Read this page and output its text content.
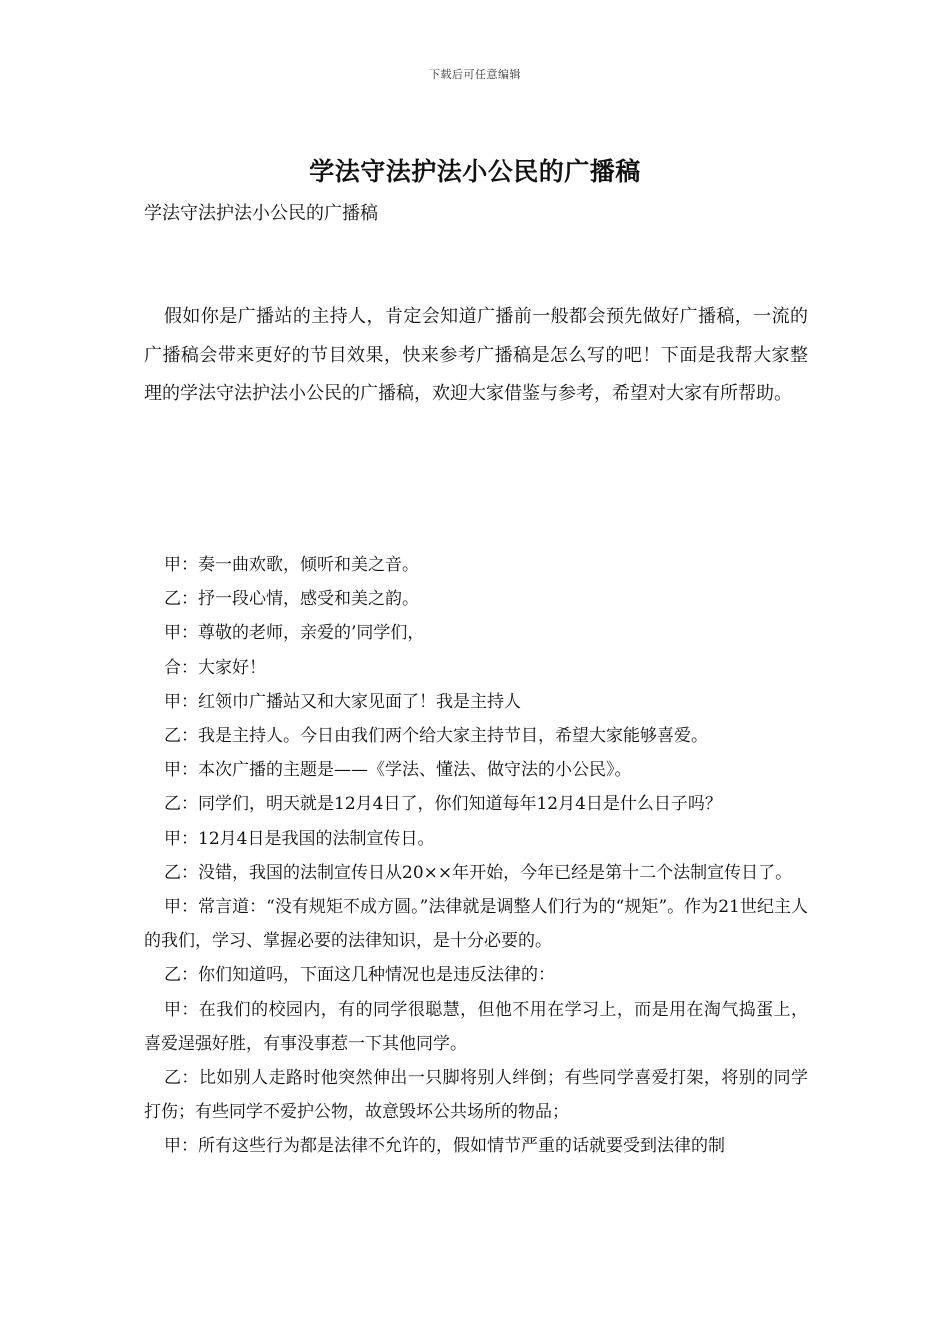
下载后可任意编辑
学法守法护法小公民的广播稿
学法守法护法小公民的广播稿
假如你是广播站的主持人，肯定会知道广播前一般都会预先做好广播稿，一流的广播稿会带来更好的节目效果，快来参考广播稿是怎么写的吧！下面是我帮大家整理的学法守法护法小公民的广播稿，欢迎大家借鉴与参考，希望对大家有所帮助。

甲：奏一曲欢歌，倾听和美之音。

乙：抒一段心情，感受和美之韵。

甲：尊敬的老师，亲爱的’同学们，

合：大家好！

甲：红领巾广播站又和大家见面了！我是主持人

乙：我是主持人。今日由我们两个给大家主持节目，希望大家能够喜爱。

甲：本次广播的主题是——《学法、懂法、做守法的小公民》。

乙：同学们，明天就是12月4日了，你们知道每年12月4日是什么日子吗？

甲：12月4日是我国的法制宣传日。

乙：没错，我国的法制宣传日从20××年开始，今年已经是第十二个法制宣传日了。

甲：常言道：“没有规矩不成方圆。”法律就是调整人们行为的“规矩”。作为21世纪主人的我们，学习、掌握必要的法律知识，是十分必要的。

乙：你们知道吗，下面这几种情况也是违反法律的：

甲：在我们的校园内，有的同学很聪慧，但他不用在学习上，而是用在淘气捣蛋上，喜爱逞强好胜，有事没事惹一下其他同学。

乙：比如别人走路时他突然伸出一只脚将别人绊倒；有些同学喜爱打架，将别的同学打伤；有些同学不爱护公物，故意毁坏公共场所的物品；

甲：所有这些行为都是法律不允许的，假如情节严重的话就要受到法律的制
